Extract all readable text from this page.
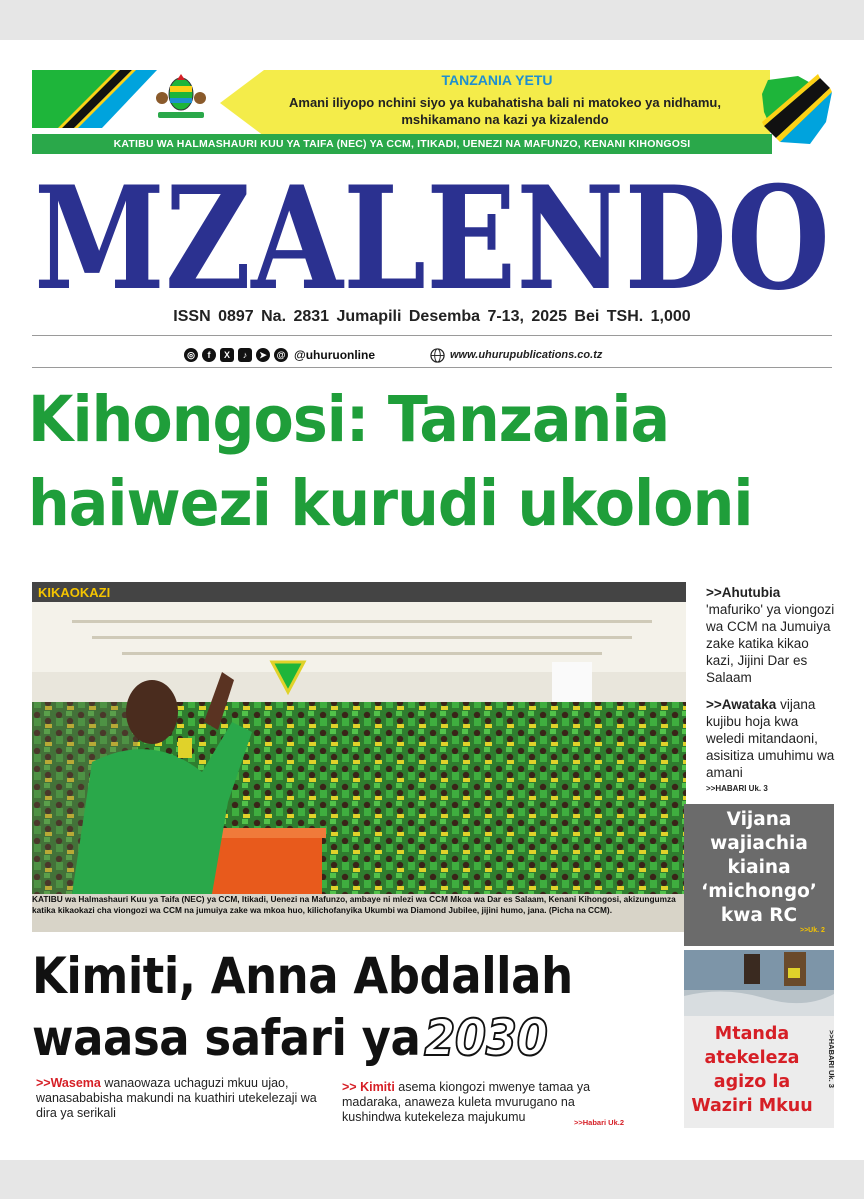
TANZANIA YETU
Amani iliyopo nchini siyo ya kubahatisha bali ni matokeo ya nidhamu, mshikamano na kazi ya kizalendo
KATIBU WA HALMASHAURI KUU YA TAIFA (NEC) YA CCM, ITIKADI, UENEZI NA MAFUNZO, KENANI KIHONGOSI
MZALENDO
ISSN 0897 Na. 2831 Jumapili Desemba 7-13, 2025 Bei TSH. 1,000
◎	f	X	♪	➤	@ @uhuruonline	www.uhurupublications.co.tz
Kihongosi: Tanzania
haiwezi kurudi ukoloni
KIKAOKAZI
KATIBU wa Halmashauri Kuu ya Taifa (NEC) ya CCM, Itikadi, Uenezi na Mafunzo, ambaye ni mlezi wa CCM Mkoa wa Dar es Salaam, Kenani Kihongosi, akizungumza katika kikaokazi cha viongozi wa CCM na jumuiya zake wa mkoa huo, kilichofanyika Ukumbi wa Diamond Jubilee, jijini humo, jana. (Picha na CCM).
>>Ahutubia 'mafuriko' ya viongozi wa CCM na Jumuiya zake katika kikao kazi, Jijini Dar es Salaam
>>Awataka vijana kujibu hoja kwa weledi mitandaoni, asisitiza umuhimu wa amani
>>HABARI Uk. 3
Vijana wajiachia kiaina ‘michongo’ kwa RC
>>Uk. 2
Mtanda atekeleza agizo la Waziri Mkuu
>>HABARI Uk. 3
Kimiti, Anna Abdallah
waasa safari ya2030
>>Wasema wanaowaza uchaguzi mkuu ujao, wanasababisha makundi na kuathiri utekelezaji wa dira ya serikali
>> Kimiti asema kiongozi mwenye tamaa ya madaraka, anaweza kuleta mvurugano na kushindwa kutekeleza majukumu	>>Habari Uk.2
